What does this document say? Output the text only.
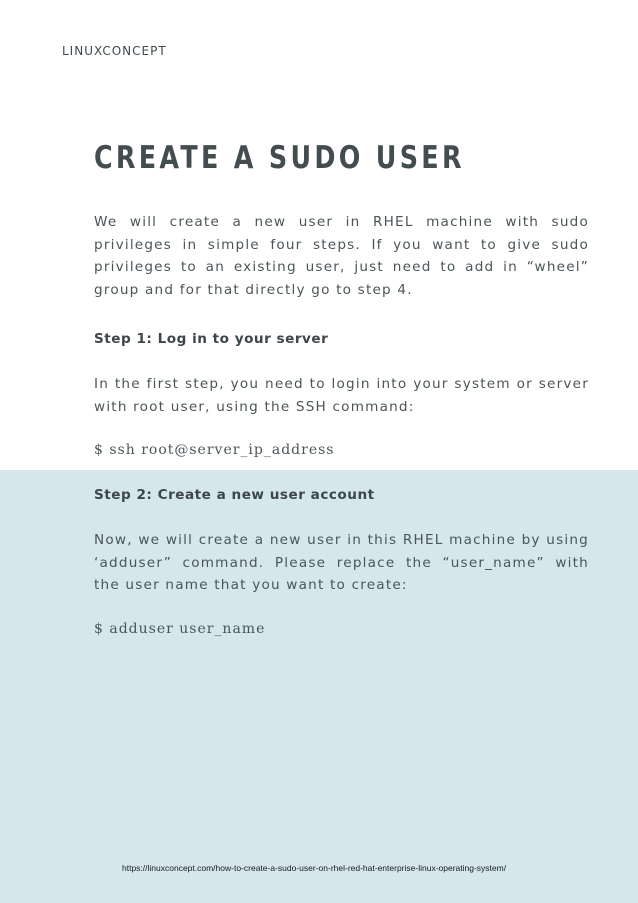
LINUXCONCEPT
CREATE A SUDO USER

We will create a new user in RHEL machine with sudo privileges in simple four steps. If you want to give sudo privileges to an existing user, just need to add in “wheel” group and for that directly go to step 4.

Step 1: Log in to your server

In the first step, you need to login into your system or server with root user, using the SSH command:

$ ssh root@server_ip_address

Step 2: Create a new user account

Now, we will create a new user in this RHEL machine by using ‘adduser” command. Please replace the “user_name” with the user name that you want to create:

$ adduser user_name

https://linuxconcept.com/how-to-create-a-sudo-user-on-rhel-red-hat-enterprise-linux-operating-system/
